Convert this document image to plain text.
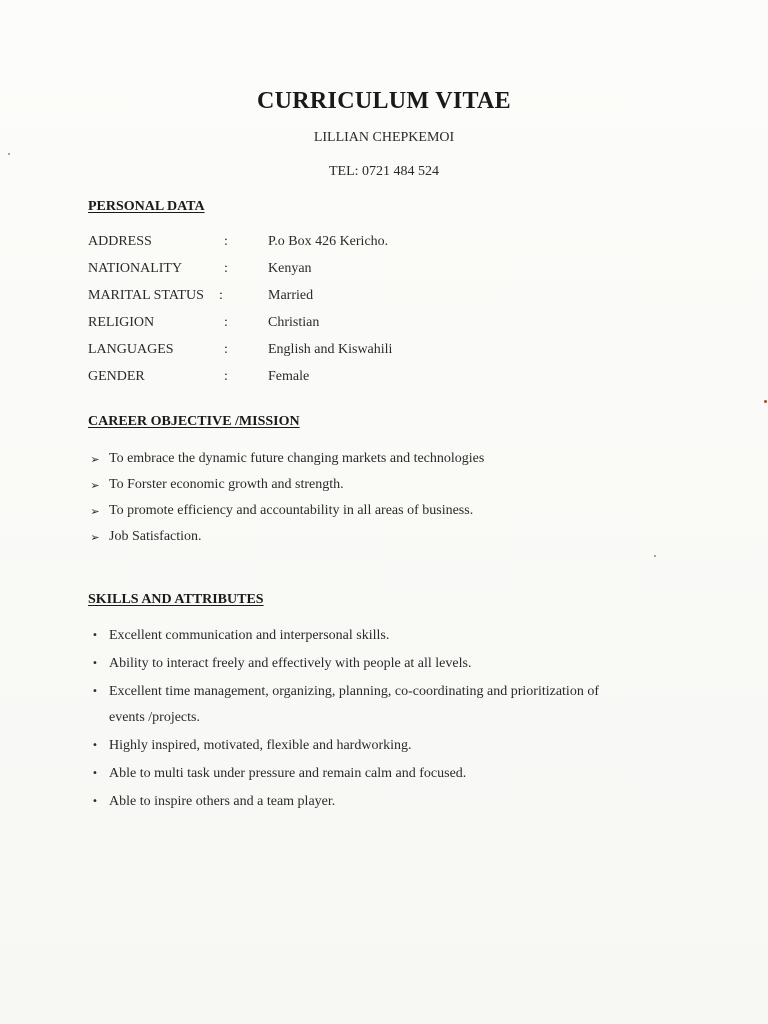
CURRICULUM VITAE
LILLIAN CHEPKEMOI
TEL: 0721 484 524
PERSONAL DATA
ADDRESS	:	P.o Box 426 Kericho.
NATIONALITY	:	Kenyan
MARITAL STATUS :	Married
RELIGION	:	Christian
LANGUAGES	:	English and Kiswahili
GENDER	:	Female
CAREER OBJECTIVE /MISSION
➢ To embrace the dynamic future changing markets and technologies
➢ To Forster economic growth and strength.
➢ To promote efficiency and accountability in all areas of business.
➢ Job Satisfaction.
SKILLS AND ATTRIBUTES
• Excellent communication and interpersonal skills.
• Ability to interact freely and effectively with people at all levels.
• Excellent time management, organizing, planning, co-coordinating and prioritization of
events /projects.
• Highly inspired, motivated, flexible and hardworking.
• Able to multi task under pressure and remain calm and focused.
• Able to inspire others and a team player.
